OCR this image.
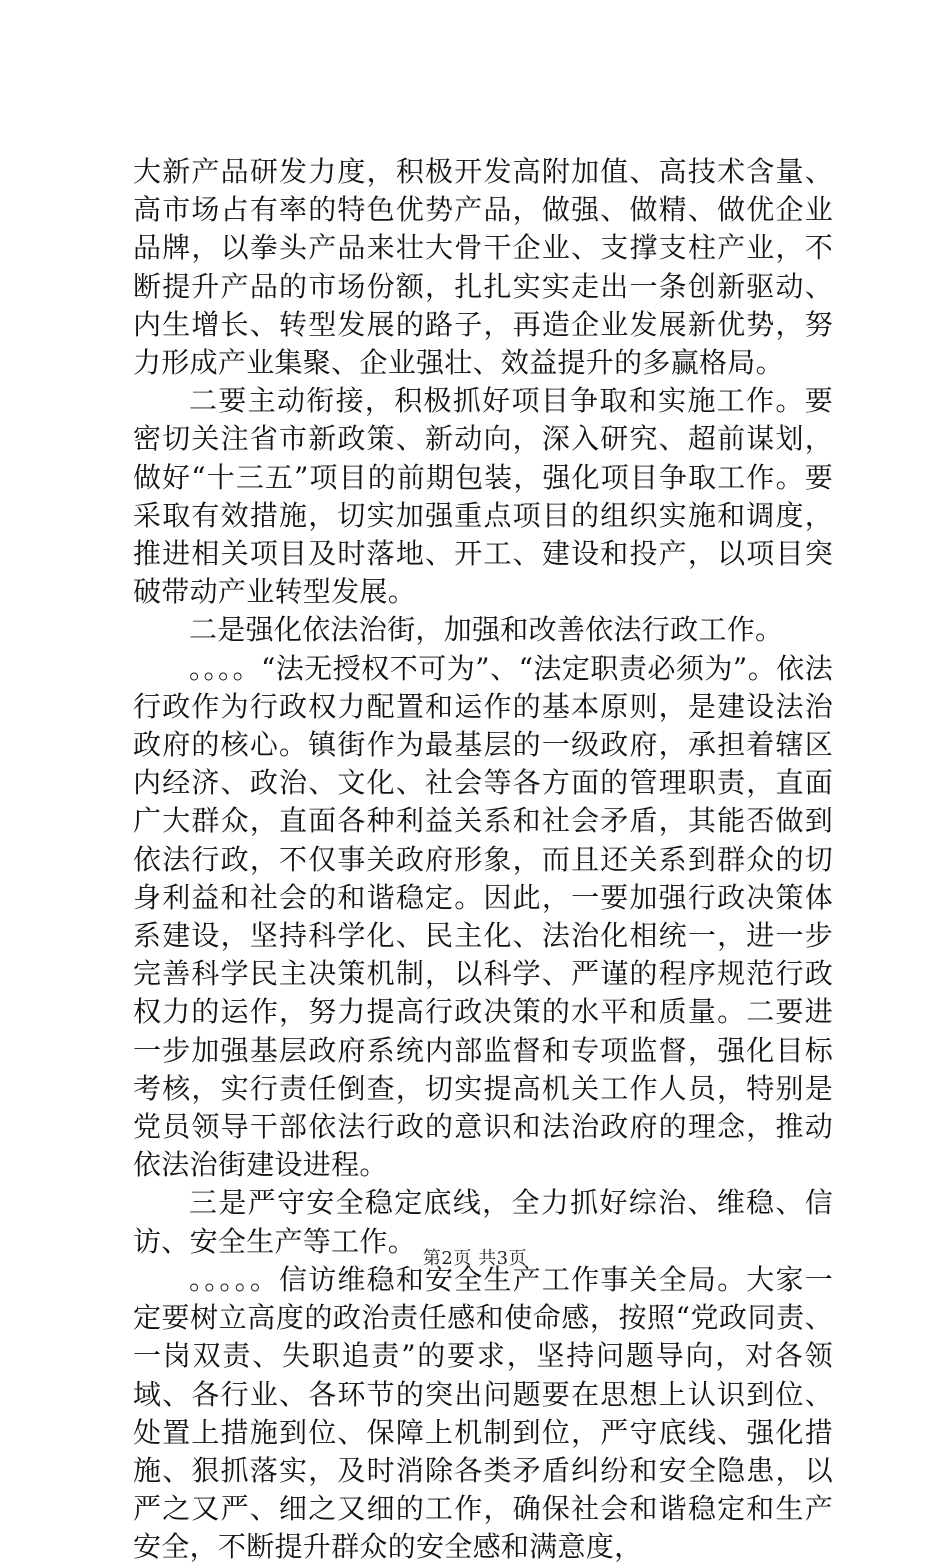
大新产品研发力度，积极开发高附加值、高技术含量、高市场占有率的特色优势产品，做强、做精、做优企业品牌，以拳头产品来壮大骨干企业、支撑支柱产业，不断提升产品的市场份额，扎扎实实走出一条创新驱动、内生增长、转型发展的路子，再造企业发展新优势，努力形成产业集聚、企业强壮、效益提升的多赢格局。

二要主动衔接，积极抓好项目争取和实施工作。要密切关注省市新政策、新动向，深入研究、超前谋划，做好“十三五”项目的前期包装，强化项目争取工作。要采取有效措施，切实加强重点项目的组织实施和调度，推进相关项目及时落地、开工、建设和投产，以项目突破带动产业转型发展。

二是强化依法治街，加强和改善依法行政工作。

。。。。“法无授权不可为”、“法定职责必须为”。依法行政作为行政权力配置和运作的基本原则，是建设法治政府的核心。镇街作为最基层的一级政府，承担着辖区内经济、政治、文化、社会等各方面的管理职责，直面广大群众，直面各种利益关系和社会矛盾，其能否做到依法行政，不仅事关政府形象，而且还关系到群众的切身利益和社会的和谐稳定。因此，一要加强行政决策体系建设，坚持科学化、民主化、法治化相统一，进一步完善科学民主决策机制，以科学、严谨的程序规范行政权力的运作，努力提高行政决策的水平和质量。二要进一步加强基层政府系统内部监督和专项监督，强化目标考核，实行责任倒查，切实提高机关工作人员，特别是党员领导干部依法行政的意识和法治政府的理念，推动依法治街建设进程。

三是严守安全稳定底线，全力抓好综治、维稳、信访、安全生产等工作。

。。。。。信访维稳和安全生产工作事关全局。大家一定要树立高度的政治责任感和使命感，按照“党政同责、一岗双责、失职追责”的要求，坚持问题导向，对各领域、各行业、各环节的突出问题要在思想上认识到位、处置上措施到位、保障上机制到位，严守底线、强化措施、狠抓落实，及时消除各类矛盾纠纷和安全隐患，以严之又严、细之又细的工作，确保社会和谐稳定和生产安全，不断提升群众的安全感和满意度，

第2页 共3页
